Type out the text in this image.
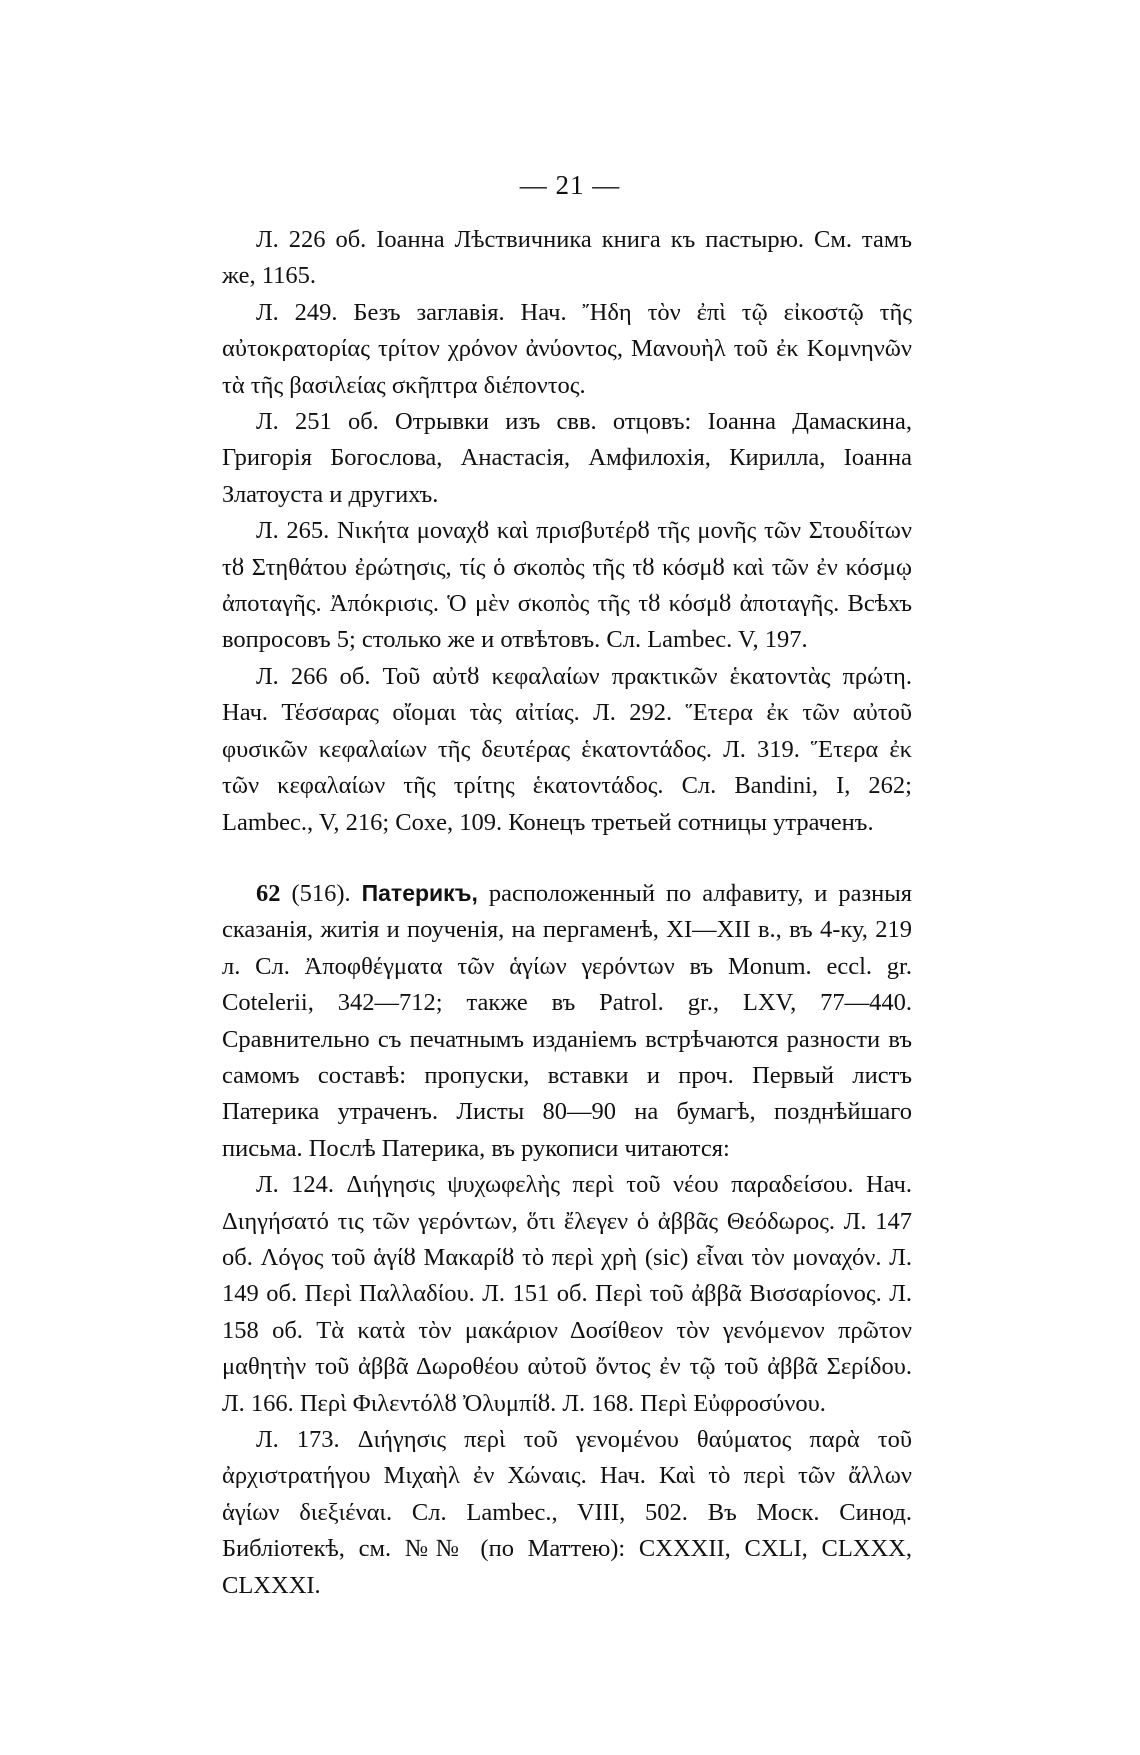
— 21 —

Л. 226 об. Іоанна Лѣствичника книга къ пастырю. См. тамъ же, 1165.

Л. 249. Безъ заглавія. Нач. Ἤδη τὸν ἐπὶ τῷ εἰκοστῷ τῆς αὐτοκρατορίας τρίτον χρόνον ἀνύοντος, Μανουὴλ τοῦ ἐκ Κομνηνῶν τὰ τῆς βασιλείας σκῆπτρα διέποντος.

Л. 251 об. Отрывки изъ свв. отцовъ: Іоанна Дамаскина, Григорія Богослова, Анастасія, Амфилохія, Кирилла, Іоанна Златоуста и другихъ.

Л. 265. Νικήτα μοναχȣ καὶ πρισβυτέρȣ τῆς μονῆς τῶν Στουδίτων τȣ Στηθάτου ἐρώτησις, τίς ὁ σκοπὸς τῆς τȣ κόσμȣ καὶ τῶν ἐν κόσμῳ ἀποταγῆς. Ἀπόκρισις. Ὁ μὲν σκοπὸς τῆς τȣ κόσμȣ ἀποταγῆς. Всѣхъ вопросовъ 5; столько же и отвѣтовъ. Сл. Lambec. V, 197.

Л. 266 об. Τοῦ αὐτȣ κεφαλαίων πρακτικῶν ἑκατοντὰς πρώτη. Нач. Τέσσαρας οἴομαι τὰς αἰτίας. Л. 292. Ἕτερα ἐκ τῶν αὐτοῦ φυσικῶν κεφαλαίων τῆς δευτέρας ἑκατοντάδος. Л. 319. Ἕτερα ἐκ τῶν κεφαλαίων τῆς τρίτης ἑκατοντάδος. Сл. Bandini, I, 262; Lambec., V, 216; Coxe, 109. Конецъ третьей сотницы утраченъ.

62 (516). Патерикъ, расположенный по алфавиту, и разныя сказанія, житія и поученія, на пергаменѣ, XI—XII в., въ 4-ку, 219 л. Сл. Ἀποφθέγματα τῶν ἁγίων γερόντων въ Monum. eccl. gr. Cotelerii, 342—712; также въ Patrol. gr., LXV, 77—440. Сравнительно съ печатнымъ изданіемъ встрѣчаются разности въ самомъ составѣ: пропуски, вставки и проч. Первый листъ Патерика утраченъ. Листы 80—90 на бумагѣ, позднѣйшаго письма. Послѣ Патерика, въ рукописи читаются:

Л. 124. Διήγησις ψυχωφελὴς περὶ τοῦ νέου παραδείσου. Нач. Διηγήσατό τις τῶν γερόντων, ὅτι ἔλεγεν ὁ ἀββᾶς Θεόδωρος. Л. 147 об. Λόγος τοῦ ἁγίȣ Μακαρίȣ τὸ περὶ χρὴ (sic) εἶναι τὸν μοναχόν. Л. 149 об. Περὶ Παλλαδίου. Л. 151 об. Περὶ τοῦ ἀββᾶ Βισσαρίονος. Л. 158 об. Τὰ κατὰ τὸν μακάριον Δοσίθεον τὸν γενόμενον πρῶτον μαθητὴν τοῦ ἀββᾶ Δωροθέου αὐτοῦ ὄντος ἐν τῷ τοῦ ἀββᾶ Σερίδου. Л. 166. Περὶ Φιλεντόλȣ Ὀλυμπίȣ. Л. 168. Περὶ Εὐφροσύνου.

Л. 173. Διήγησις περὶ τοῦ γενομένου θαύματος παρὰ τοῦ ἀρχιστρατήγου Μιχαὴλ ἐν Χώναις. Нач. Καὶ τὸ περὶ τῶν ἄλλων ἁγίων διεξιέναι. Сл. Lambec., VIII, 502. Въ Моск. Синод. Библіотекѣ, см. №№ (по Маттею): CXXXII, CXLI, CLXXX, CLXXXI.
